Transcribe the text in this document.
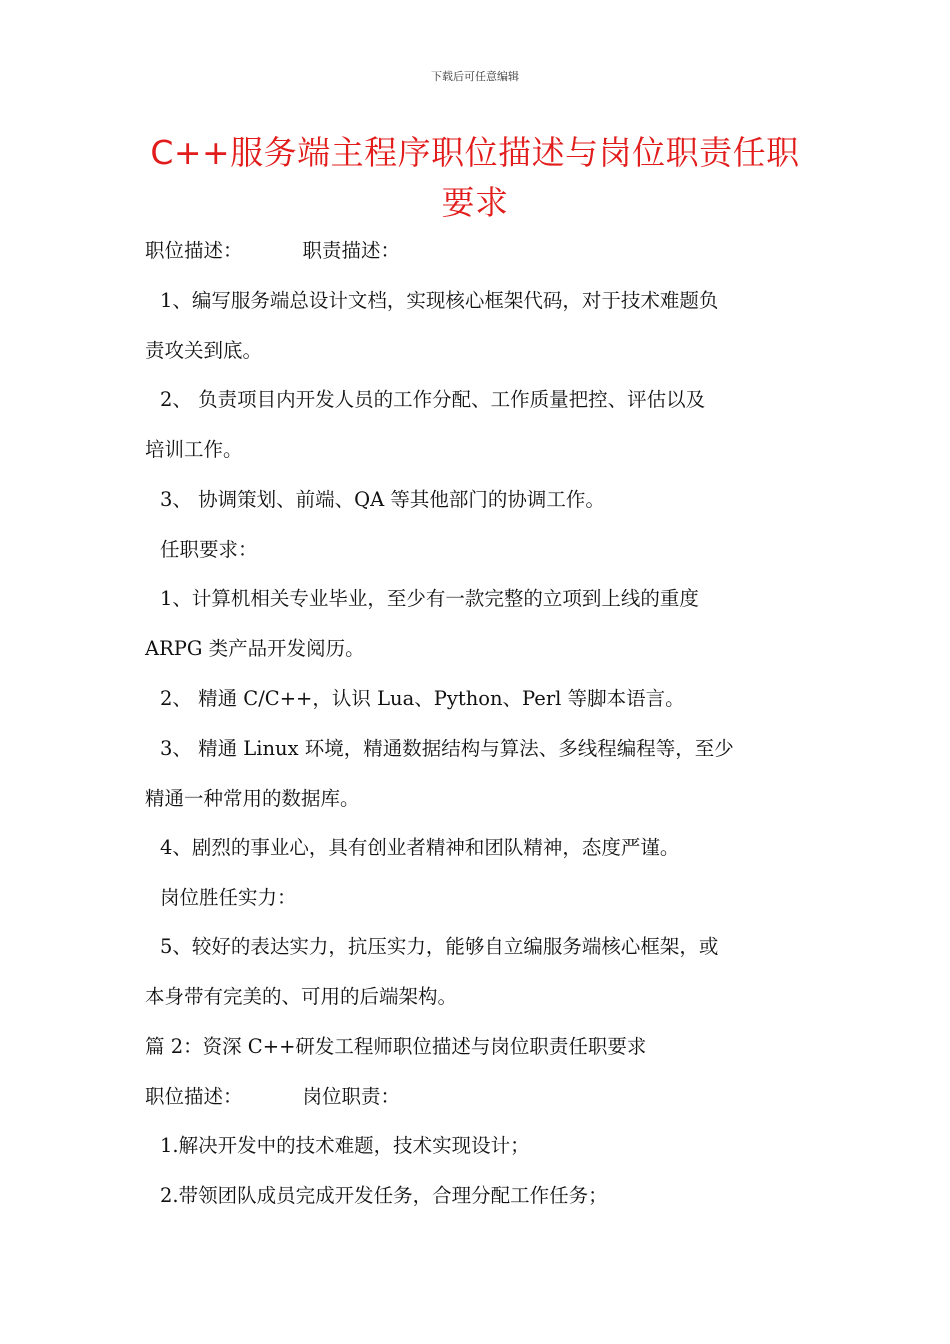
下载后可任意编辑
C++服务端主程序职位描述与岗位职责任职
要求
职位描述：	职责描述：
1、编写服务端总设计文档，实现核心框架代码，对于技术难题负
责攻关到底。
2、 负责项目内开发人员的工作分配、工作质量把控、评估以及
培训工作。
3、 协调策划、前端、QA 等其他部门的协调工作。
任职要求：
1、计算机相关专业毕业，至少有一款完整的立项到上线的重度
ARPG 类产品开发阅历。
2、 精通 C/C++，认识 Lua、Python、Perl 等脚本语言。
3、 精通 Linux 环境，精通数据结构与算法、多线程编程等，至少
精通一种常用的数据库。
4、剧烈的事业心，具有创业者精神和团队精神，态度严谨。
岗位胜任实力：
5、较好的表达实力，抗压实力，能够自立编服务端核心框架，或
本身带有完美的、可用的后端架构。
篇 2：资深 C++研发工程师职位描述与岗位职责任职要求
职位描述：	岗位职责：
1.解决开发中的技术难题，技术实现设计；
2.带领团队成员完成开发任务，合理分配工作任务；
